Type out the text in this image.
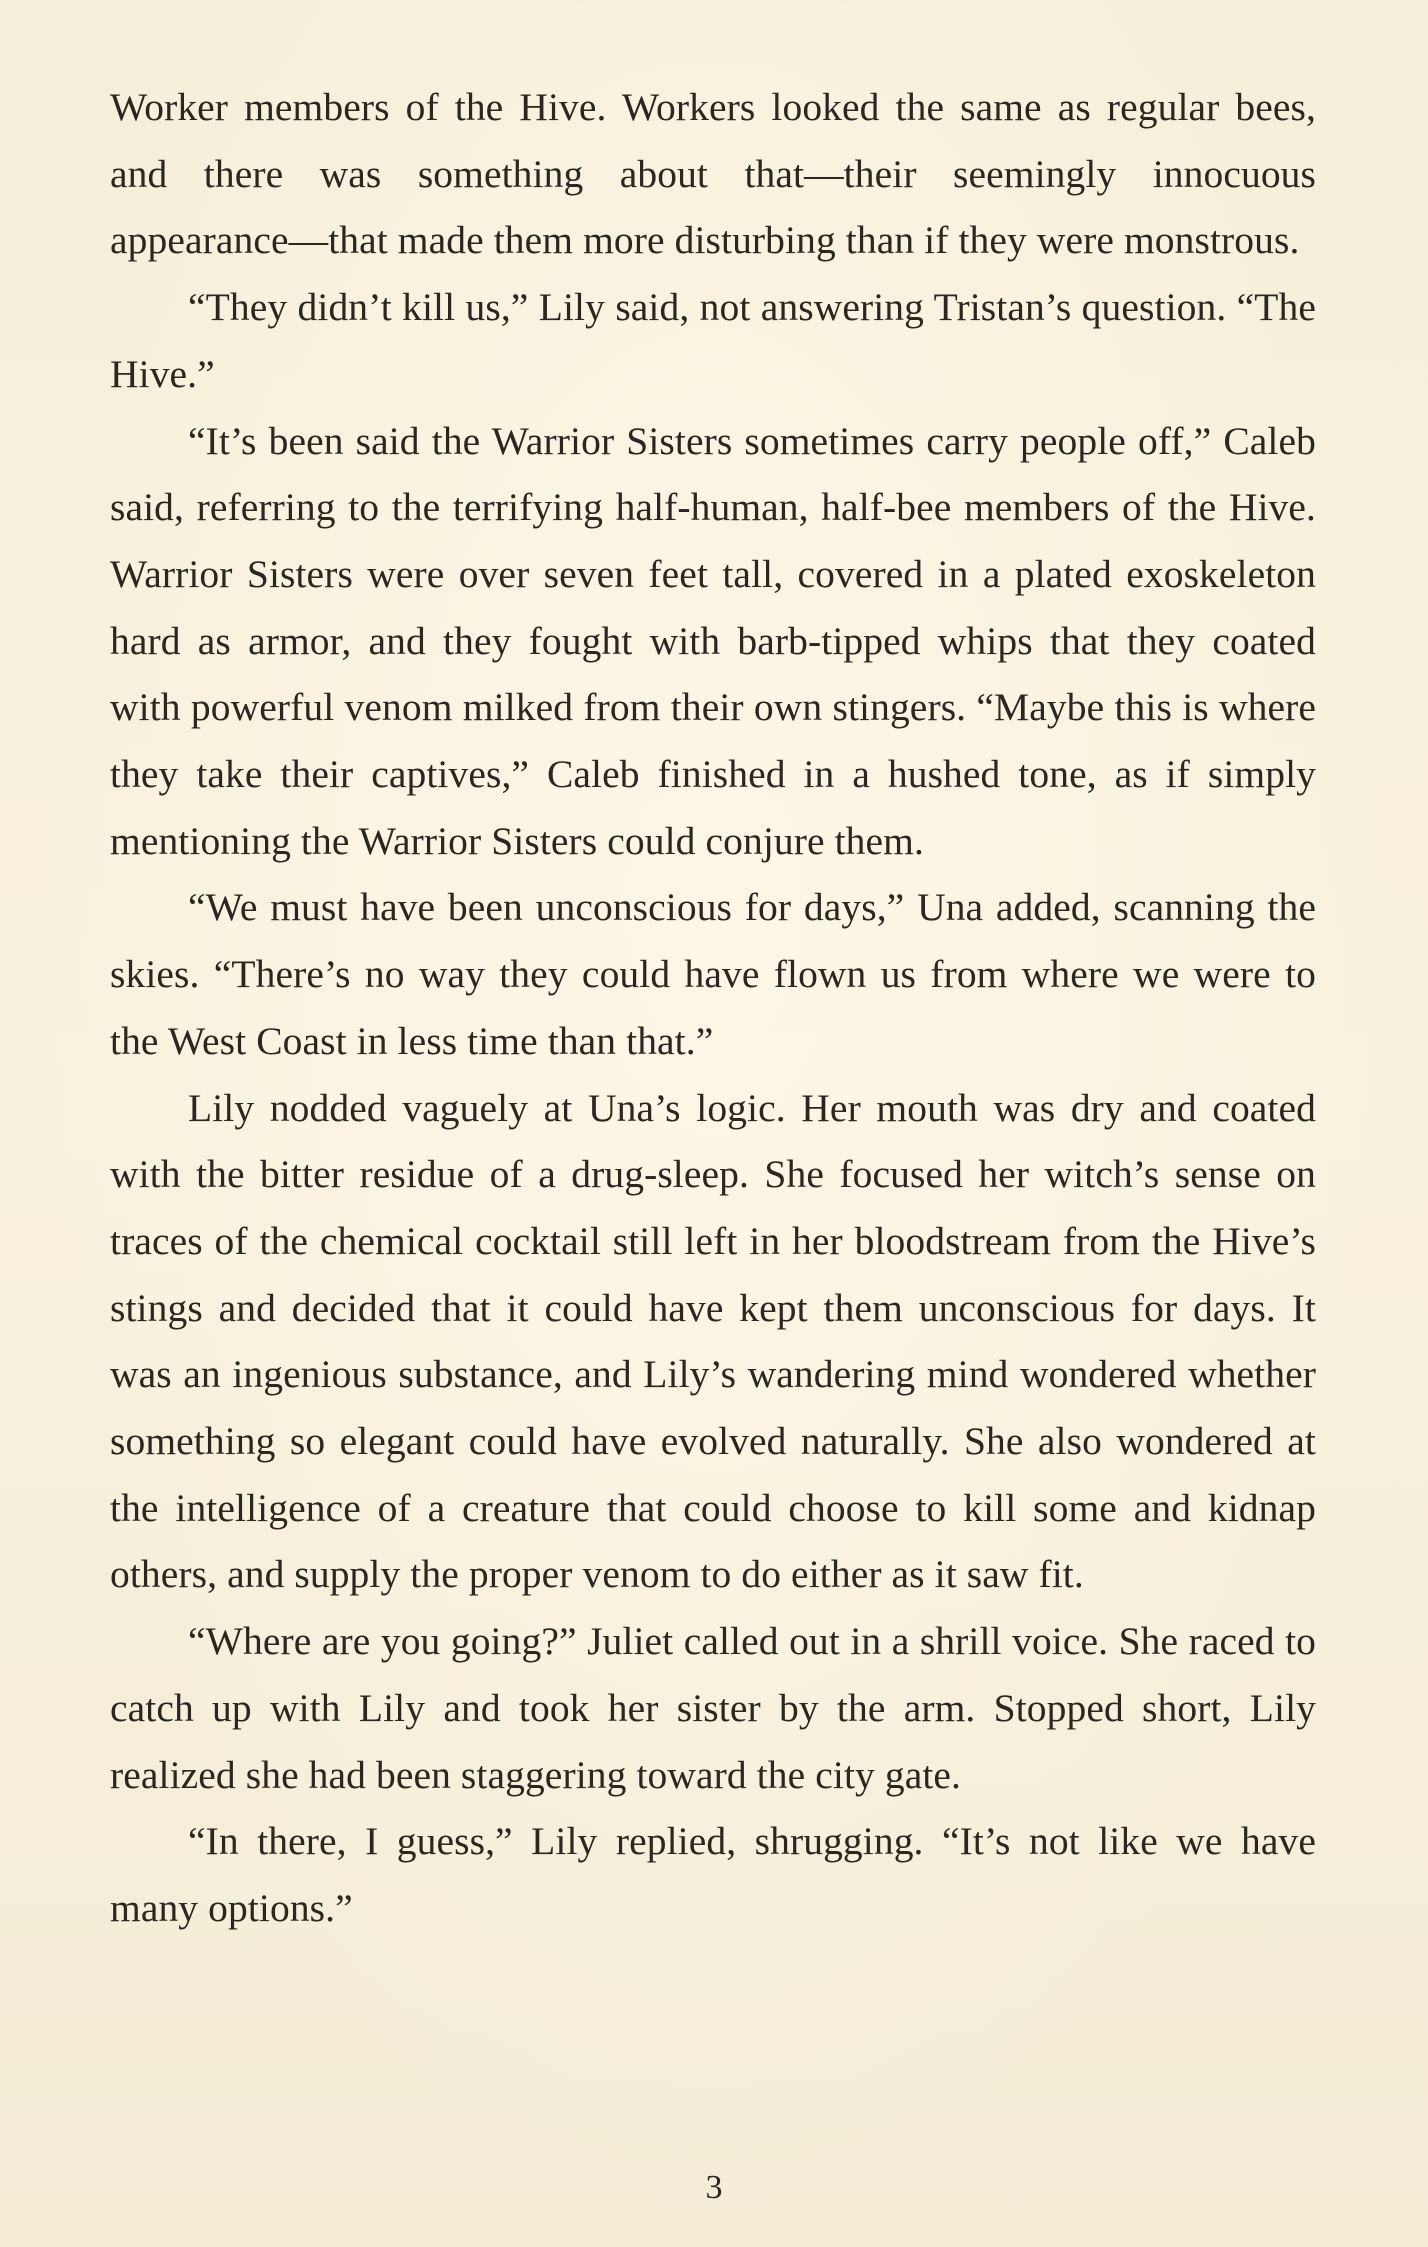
Worker members of the Hive. Workers looked the same as regular bees, and there was something about that—their seemingly innocuous appearance—that made them more disturbing than if they were monstrous.

“They didn’t kill us,” Lily said, not answering Tristan’s question. “The Hive.”

“It’s been said the Warrior Sisters sometimes carry people off,” Caleb said, referring to the terrifying half-human, half-bee members of the Hive. Warrior Sisters were over seven feet tall, covered in a plated exoskeleton hard as armor, and they fought with barb-tipped whips that they coated with powerful venom milked from their own stingers. “Maybe this is where they take their captives,” Caleb finished in a hushed tone, as if simply mentioning the Warrior Sisters could conjure them.

“We must have been unconscious for days,” Una added, scanning the skies. “There’s no way they could have flown us from where we were to the West Coast in less time than that.”

Lily nodded vaguely at Una’s logic. Her mouth was dry and coated with the bitter residue of a drug-sleep. She focused her witch’s sense on traces of the chemical cocktail still left in her bloodstream from the Hive’s stings and decided that it could have kept them unconscious for days. It was an ingenious substance, and Lily’s wandering mind wondered whether something so elegant could have evolved naturally. She also wondered at the intelligence of a creature that could choose to kill some and kidnap others, and supply the proper venom to do either as it saw fit.

“Where are you going?” Juliet called out in a shrill voice. She raced to catch up with Lily and took her sister by the arm. Stopped short, Lily realized she had been staggering toward the city gate.

“In there, I guess,” Lily replied, shrugging. “It’s not like we have many options.”

3
